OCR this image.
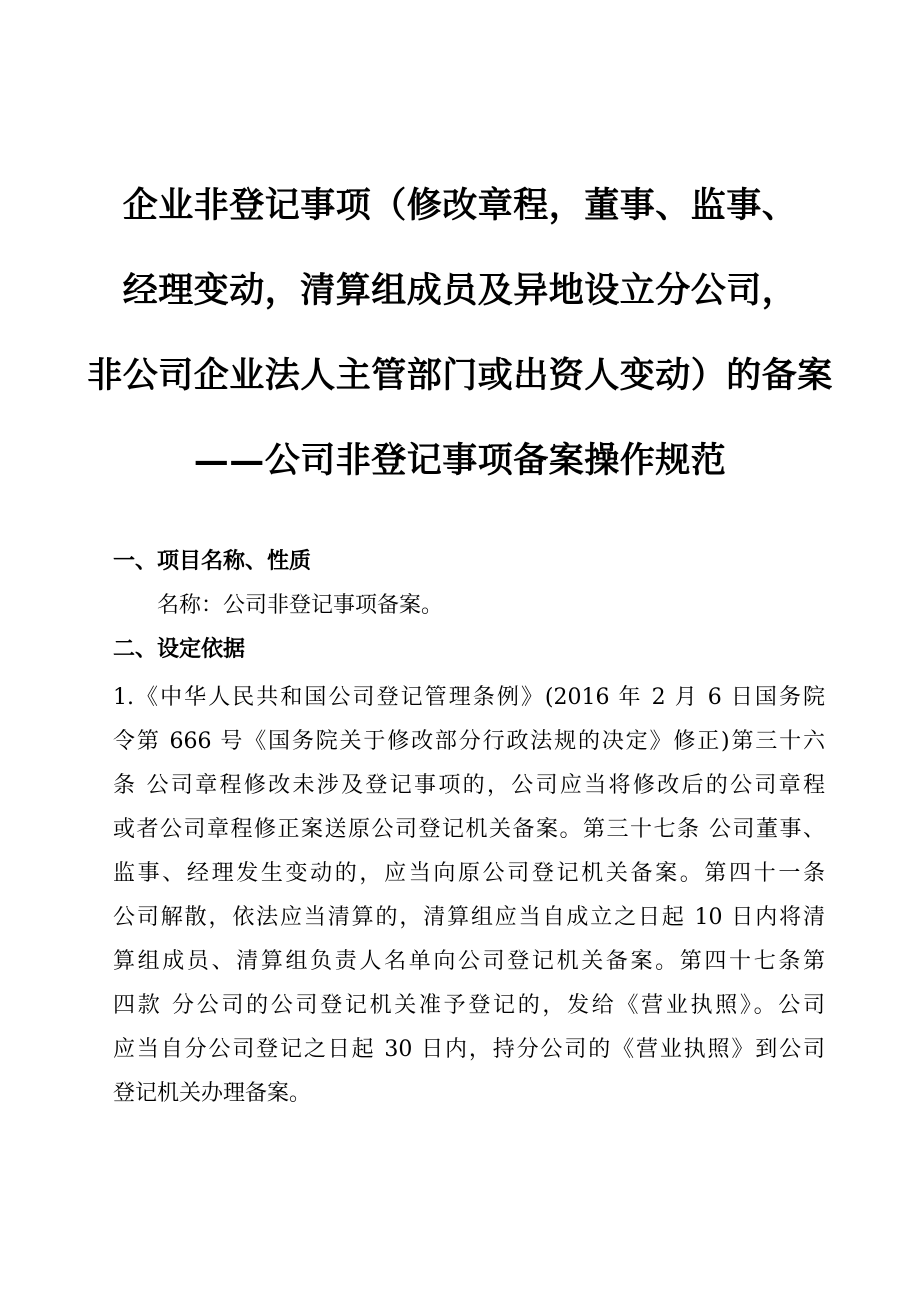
企业非登记事项（修改章程，董事、监事、
经理变动，清算组成员及异地设立分公司，
非公司企业法人主管部门或出资人变动）的备案
——公司非登记事项备案操作规范
一、项目名称、性质
名称：公司非登记事项备案。
二、设定依据
1.《中华人民共和国公司登记管理条例》(2016 年 2 月 6 日国务院
令第 666 号《国务院关于修改部分行政法规的决定》修正)第三十六
条 公司章程修改未涉及登记事项的，公司应当将修改后的公司章程
或者公司章程修正案送原公司登记机关备案。第三十七条 公司董事、
监事、经理发生变动的，应当向原公司登记机关备案。第四十一条
公司解散，依法应当清算的，清算组应当自成立之日起 10 日内将清
算组成员、清算组负责人名单向公司登记机关备案。第四十七条第
四款 分公司的公司登记机关准予登记的，发给《营业执照》。公司
应当自分公司登记之日起 30 日内，持分公司的《营业执照》到公司
登记机关办理备案。
